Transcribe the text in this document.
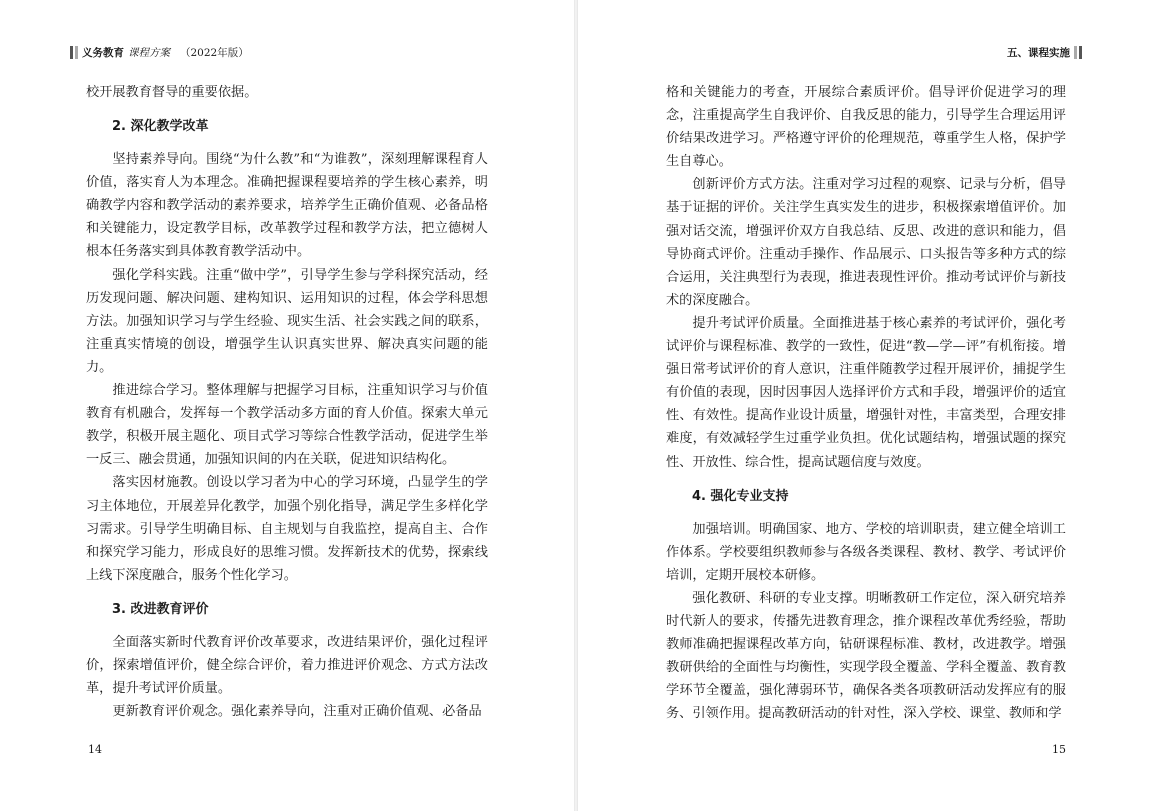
义务教育 课程方案 （2022年版）

校开展教育督导的重要依据。

2. 深化教学改革

坚持素养导向。围绕“为什么教”和“为谁教”，深刻理解课程育人价值，落实育人为本理念。准确把握课程要培养的学生核心素养，明确教学内容和教学活动的素养要求，培养学生正确价值观、必备品格和关键能力，设定教学目标，改革教学过程和教学方法，把立德树人根本任务落实到具体教育教学活动中。

强化学科实践。注重“做中学”，引导学生参与学科探究活动，经历发现问题、解决问题、建构知识、运用知识的过程，体会学科思想方法。加强知识学习与学生经验、现实生活、社会实践之间的联系，注重真实情境的创设，增强学生认识真实世界、解决真实问题的能力。

推进综合学习。整体理解与把握学习目标，注重知识学习与价值教育有机融合，发挥每一个教学活动多方面的育人价值。探索大单元教学，积极开展主题化、项目式学习等综合性教学活动，促进学生举一反三、融会贯通，加强知识间的内在关联，促进知识结构化。

落实因材施教。创设以学习者为中心的学习环境，凸显学生的学习主体地位，开展差异化教学，加强个别化指导，满足学生多样化学习需求。引导学生明确目标、自主规划与自我监控，提高自主、合作和探究学习能力，形成良好的思维习惯。发挥新技术的优势，探索线上线下深度融合，服务个性化学习。

3. 改进教育评价

全面落实新时代教育评价改革要求，改进结果评价，强化过程评价，探索增值评价，健全综合评价，着力推进评价观念、方式方法改革，提升考试评价质量。

更新教育评价观念。强化素养导向，注重对正确价值观、必备品

14
五、课程实施

格和关键能力的考查，开展综合素质评价。倡导评价促进学习的理念，注重提高学生自我评价、自我反思的能力，引导学生合理运用评价结果改进学习。严格遵守评价的伦理规范，尊重学生人格，保护学生自尊心。

创新评价方式方法。注重对学习过程的观察、记录与分析，倡导基于证据的评价。关注学生真实发生的进步，积极探索增值评价。加强对话交流，增强评价双方自我总结、反思、改进的意识和能力，倡导协商式评价。注重动手操作、作品展示、口头报告等多种方式的综合运用，关注典型行为表现，推进表现性评价。推动考试评价与新技术的深度融合。

提升考试评价质量。全面推进基于核心素养的考试评价，强化考试评价与课程标准、教学的一致性，促进“教—学—评”有机衔接。增强日常考试评价的育人意识，注重伴随教学过程开展评价，捕捉学生有价值的表现，因时因事因人选择评价方式和手段，增强评价的适宜性、有效性。提高作业设计质量，增强针对性，丰富类型，合理安排难度，有效减轻学生过重学业负担。优化试题结构，增强试题的探究性、开放性、综合性，提高试题信度与效度。

4. 强化专业支持

加强培训。明确国家、地方、学校的培训职责，建立健全培训工作体系。学校要组织教师参与各级各类课程、教材、教学、考试评价培训，定期开展校本研修。

强化教研、科研的专业支撑。明晰教研工作定位，深入研究培养时代新人的要求，传播先进教育理念，推介课程改革优秀经验，帮助教师准确把握课程改革方向，钻研课程标准、教材，改进教学。增强教研供给的全面性与均衡性，实现学段全覆盖、学科全覆盖、教育教学环节全覆盖，强化薄弱环节，确保各类各项教研活动发挥应有的服务、引领作用。提高教研活动的针对性，深入学校、课堂、教师和学

15
